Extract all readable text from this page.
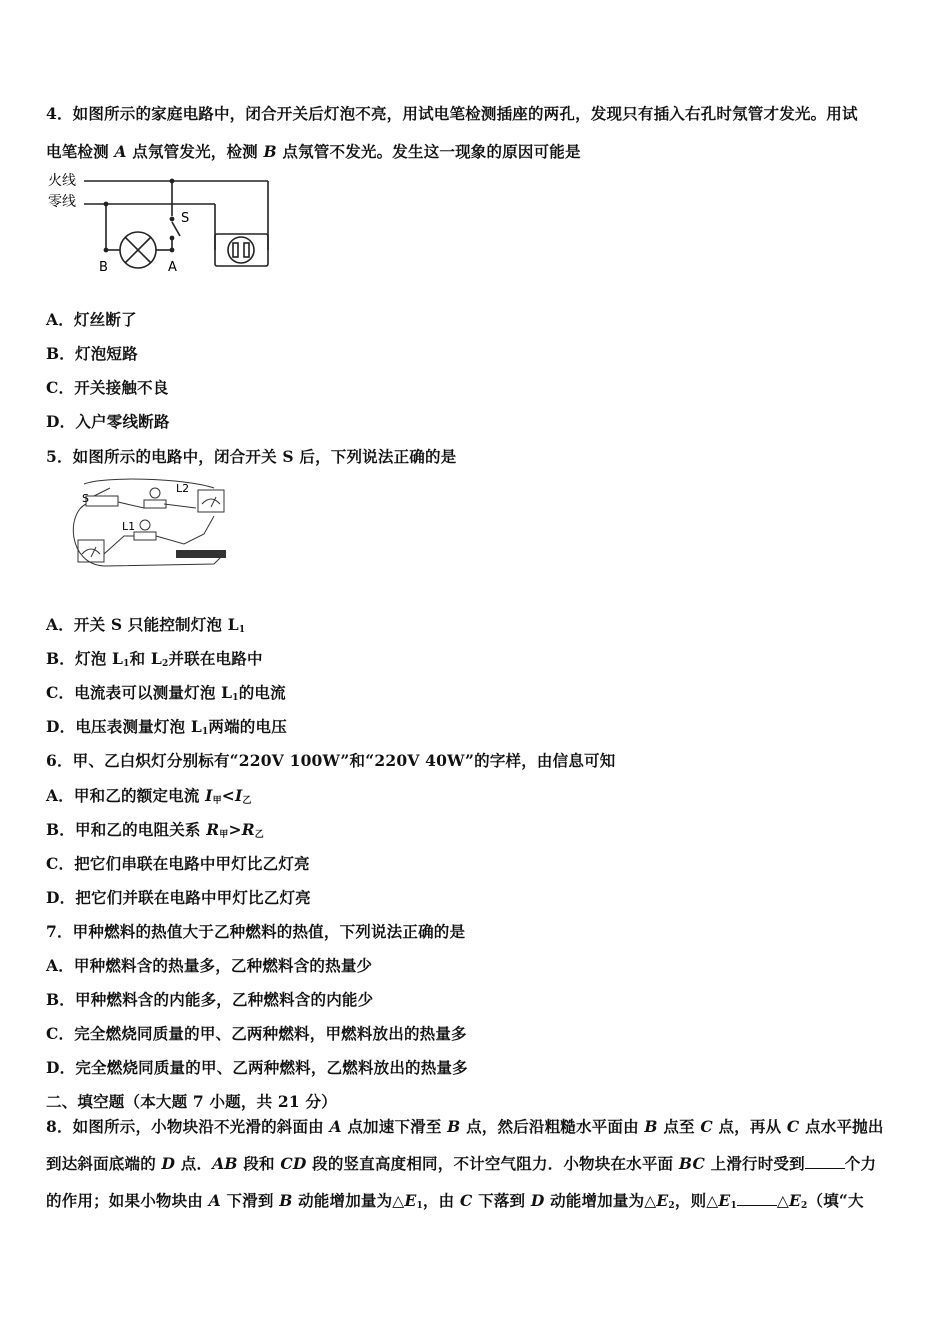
4．如图所示的家庭电路中，闭合开关后灯泡不亮，用试电笔检测插座的两孔，发现只有插入右孔时氖管才发光。用试
电笔检测 A 点氖管发光，检测 B 点氖管不发光。发生这一现象的原因可能是
火线
零线
S
B	A
A．灯丝断了
B．灯泡短路
C．开关接触不良
D．入户零线断路
5．如图所示的电路中，闭合开关 S 后，下列说法正确的是
S
L2
L1
A．开关 S 只能控制灯泡 $L_1$
B．灯泡 $L_1$和 $L_2$并联在电路中
C．电流表可以测量灯泡 $L_1$的电流
D．电压表测量灯泡 $L_1$两端的电压
6．甲、乙白炽灯分别标有“220V 100W”和“220V 40W”的字样，由信息可知
A．甲和乙的额定电流 $I_甲<I_乙$
B．甲和乙的电阻关系 $R_甲>R_乙$
C．把它们串联在电路中甲灯比乙灯亮
D．把它们并联在电路中甲灯比乙灯亮
7．甲种燃料的热值大于乙种燃料的热值，下列说法正确的是
A．甲种燃料含的热量多，乙种燃料含的热量少
B．甲种燃料含的内能多，乙种燃料含的内能少
C．完全燃烧同质量的甲、乙两种燃料，甲燃料放出的热量多
D．完全燃烧同质量的甲、乙两种燃料，乙燃料放出的热量多
二、填空题（本大题 7 小题，共 21 分）
8．如图所示，小物块沿不光滑的斜面由 A 点加速下滑至 B 点，然后沿粗糙水平面由 B 点至 C 点，再从 C 点水平抛出
到达斜面底端的 D 点．AB 段和 CD 段的竖直高度相同，不计空气阻力．小物块在水平面 BC 上滑行时受到	个力
的作用；如果小物块由 A 下滑到 B 动能增加量为$\triangle E_1$，由 C 下落到 D 动能增加量为$\triangle E_2$，则$\triangle E_1$	$\triangle E_2$（填“大
